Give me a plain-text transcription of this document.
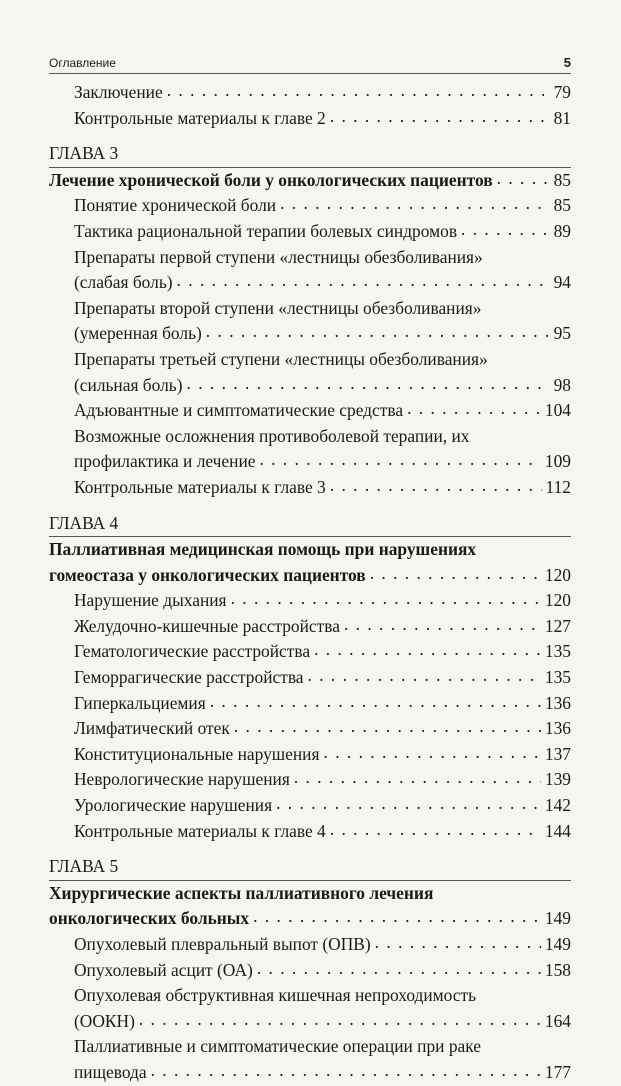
Оглавление	5
Заключение . . .	79
Контрольные материалы к главе 2 . . .	81
ГЛАВА 3
Лечение хронической боли у онкологических пациентов . . .	85
Понятие хронической боли . . .	85
Тактика рациональной терапии болевых синдромов . . .	89
Препараты первой ступени «лестницы обезболивания»
(слабая боль) . . .	94
Препараты второй ступени «лестницы обезболивания»
(умеренная боль) . . .	95
Препараты третьей ступени «лестницы обезболивания»
(сильная боль) . . .	98
Адъювантные и симптоматические средства . . .	104
Возможные осложнения противоболевой терапии, их
профилактика и лечение . . .	109
Контрольные материалы к главе 3 . . .	112
ГЛАВА 4
Паллиативная медицинская помощь при нарушениях
гомеостаза у онкологических пациентов . . .	120
Нарушение дыхания . . .	120
Желудочно-кишечные расстройства . . .	127
Гематологические расстройства . . .	135
Геморрагические расстройства . . .	135
Гиперкальциемия . . .	136
Лимфатический отек . . .	136
Конституциональные нарушения . . .	137
Неврологические нарушения . . .	139
Урологические нарушения . . .	142
Контрольные материалы к главе 4 . . .	144
ГЛАВА 5
Хирургические аспекты паллиативного лечения
онкологических больных . . .	149
Опухолевый плевральный выпот (ОПВ) . . .	149
Опухолевый асцит (ОА) . . .	158
Опухолевая обструктивная кишечная непроходимость
(ООКН) . . .	164
Паллиативные и симптоматические операции при раке
пищевода . . .	177
